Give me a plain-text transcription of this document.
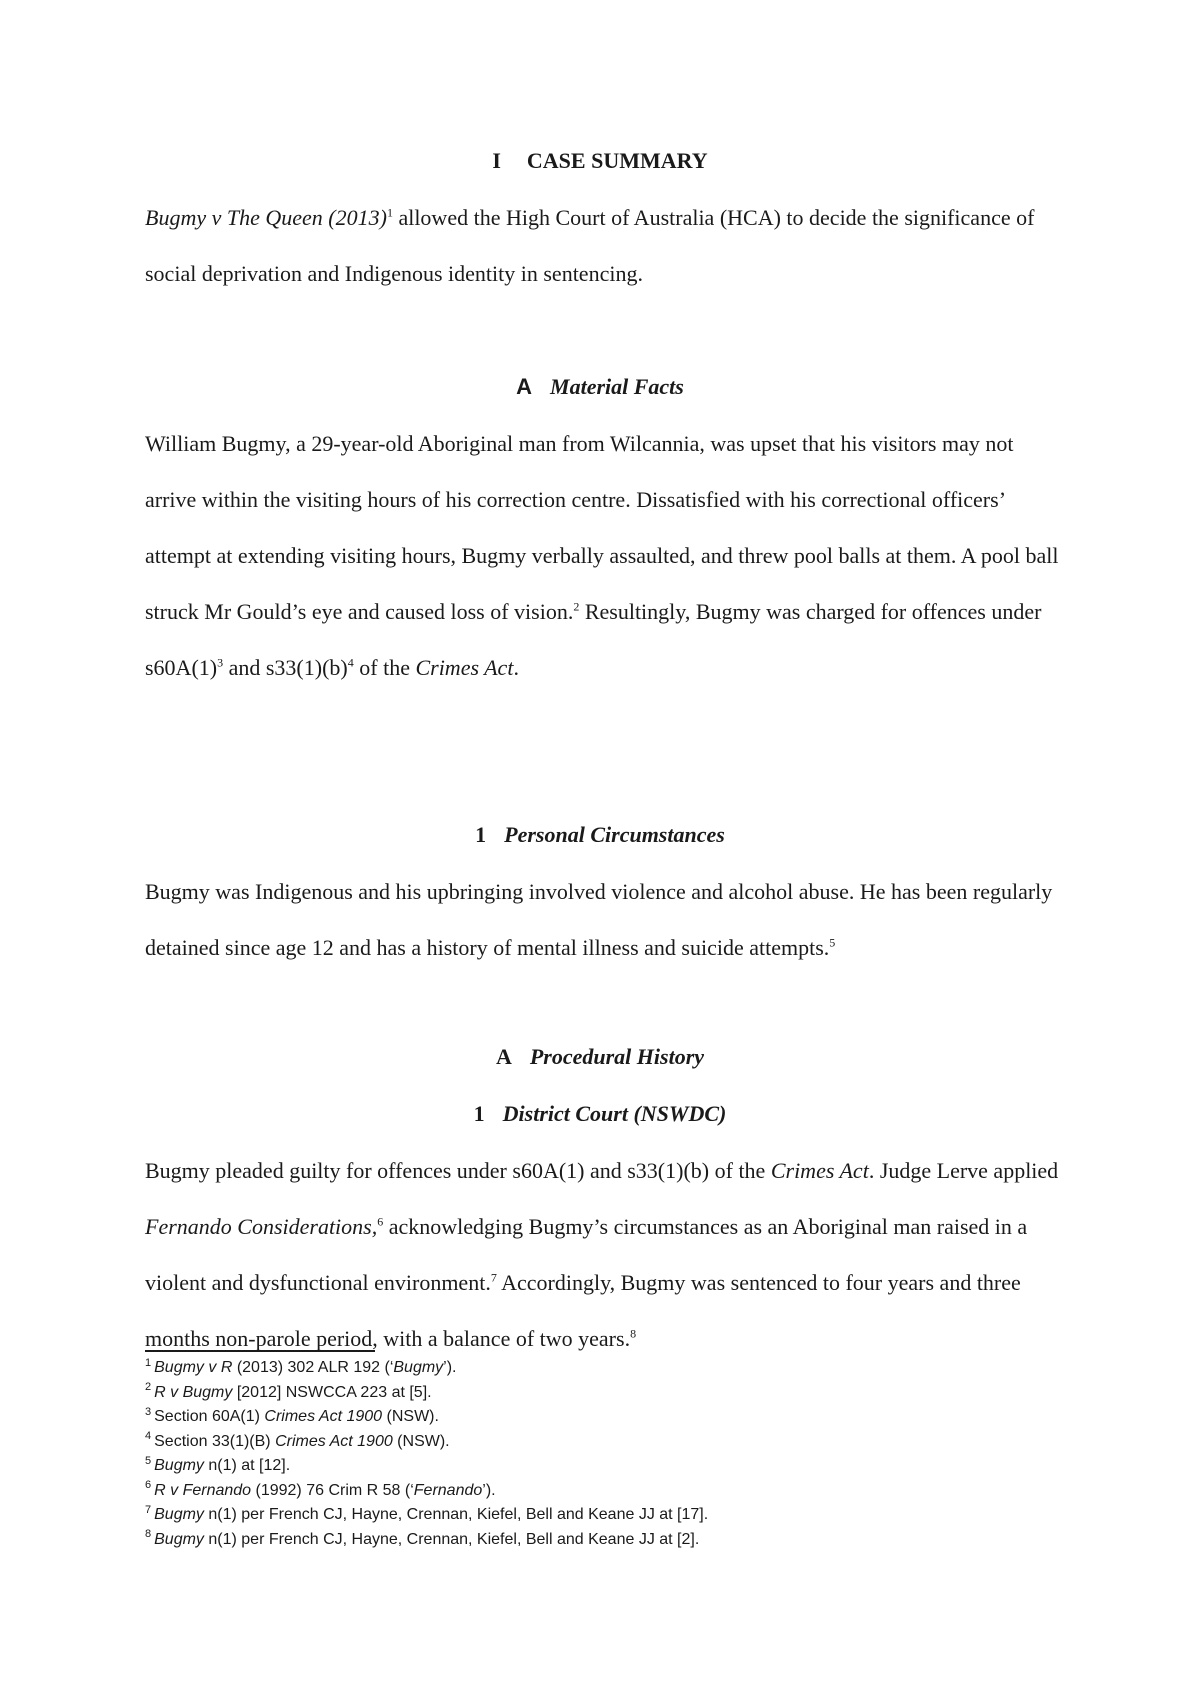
I CASE SUMMARY

Bugmy v The Queen $(2013)^1$ allowed the High Court of Australia (HCA) to decide the significance of social deprivation and Indigenous identity in sentencing.

A Material Facts

William Bugmy, a 29-year-old Aboriginal man from Wilcannia, was upset that his visitors may not arrive within the visiting hours of his correction centre. Dissatisfied with his correctional officers’ attempt at extending visiting hours, Bugmy verbally assaulted, and threw pool balls at them. A pool ball struck Mr Gould’s eye and caused loss of vision.$^2$ Resultingly, Bugmy was charged for offences under $s60A(1)^3$ and $s33(1)(b)^4$ of the Crimes Act.

1 Personal Circumstances

Bugmy was Indigenous and his upbringing involved violence and alcohol abuse. He has been regularly detained since age 12 and has a history of mental illness and suicide attempts.$^5$

A Procedural History
1 District Court (NSWDC)

Bugmy pleaded guilty for offences under s60A(1) and s33(1)(b) of the Crimes Act. Judge Lerve applied Fernando Considerations,$^6$ acknowledging Bugmy’s circumstances as an Aboriginal man raised in a violent and dysfunctional environment.$^7$ Accordingly, Bugmy was sentenced to four years and three months non-parole period, with a balance of two years.$^8$

$^1$ Bugmy v R (2013) 302 ALR 192 (‘Bugmy’).
$^2$ R v Bugmy [2012] NSWCCA 223 at [5].
$^3$ Section 60A(1) Crimes Act 1900 (NSW).
$^4$ Section 33(1)(B) Crimes Act 1900 (NSW).
$^5$ Bugmy n(1) at [12].
$^6$ R v Fernando (1992) 76 Crim R 58 (‘Fernando’).
$^7$ Bugmy n(1) per French CJ, Hayne, Crennan, Kiefel, Bell and Keane JJ at [17].
$^8$ Bugmy n(1) per French CJ, Hayne, Crennan, Kiefel, Bell and Keane JJ at [2].
